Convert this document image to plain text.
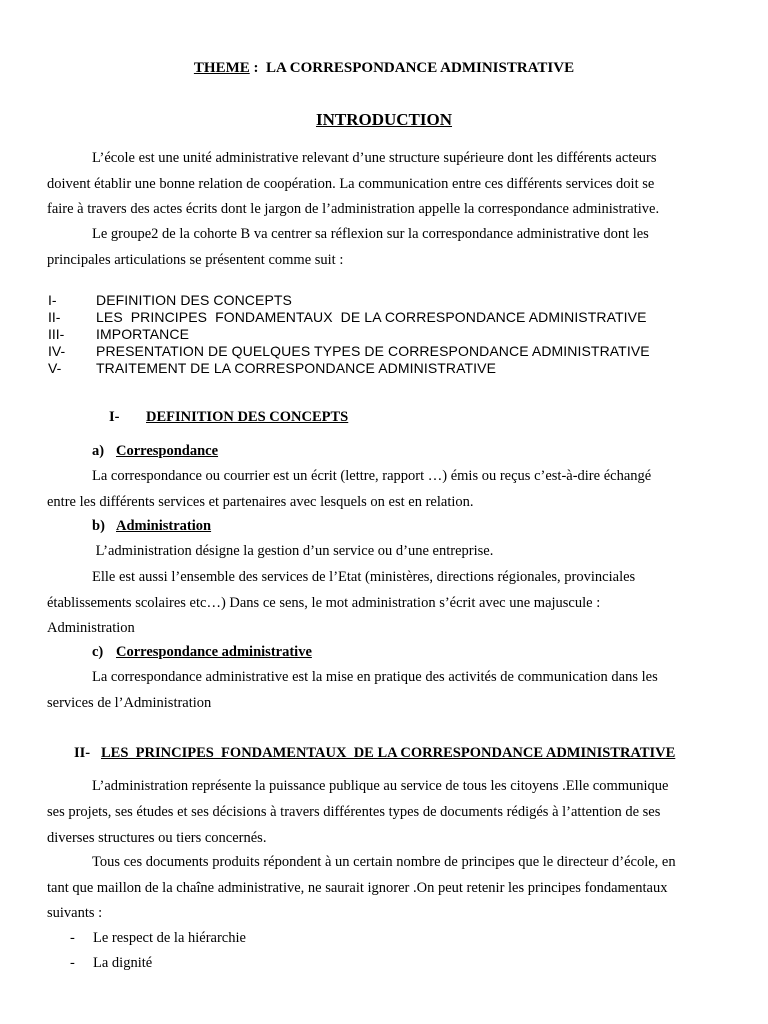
THEME :  LA CORRESPONDANCE ADMINISTRATIVE
INTRODUCTION
L’école est une unité administrative relevant d’une structure supérieure dont les différents acteurs
doivent établir une bonne relation de coopération. La communication entre ces différents services doit se
faire à travers des actes écrits dont le jargon de l’administration appelle la correspondance administrative.
Le groupe2 de la cohorte B va centrer sa réflexion sur la correspondance administrative dont les
principales articulations se présentent comme suit :
I-	DEFINITION DES CONCEPTS
II-	LES  PRINCIPES  FONDAMENTAUX  DE LA CORRESPONDANCE ADMINISTRATIVE
III- IMPORTANCE
IV- PRESENTATION DE QUELQUES TYPES DE CORRESPONDANCE ADMINISTRATIVE
V- TRAITEMENT DE LA CORRESPONDANCE ADMINISTRATIVE
I- DEFINITION DES CONCEPTS
a) Correspondance
La correspondance ou courrier est un écrit (lettre, rapport …) émis ou reçus c’est-à-dire échangé
entre les différents services et partenaires avec lesquels on est en relation.
b) Administration
L’administration désigne la gestion d’un service ou d’une entreprise.
Elle est aussi l’ensemble des services de l’Etat (ministères, directions régionales, provinciales
établissements scolaires etc…) Dans ce sens, le mot administration s’écrit avec une majuscule :
Administration
c) Correspondance administrative
La correspondance administrative est la mise en pratique des activités de communication dans les
services de l’Administration
II- LES  PRINCIPES  FONDAMENTAUX  DE LA CORRESPONDANCE ADMINISTRATIVE
L’administration représente la puissance publique au service de tous les citoyens .Elle communique
ses projets, ses études et ses décisions à travers différentes types de documents rédigés à l’attention de ses
diverses structures ou tiers concernés.
Tous ces documents produits répondent à un certain nombre de principes que le directeur d’école, en
tant que maillon de la chaîne administrative, ne saurait ignorer .On peut retenir les principes fondamentaux
suivants :
- Le respect de la hiérarchie
- La dignité
